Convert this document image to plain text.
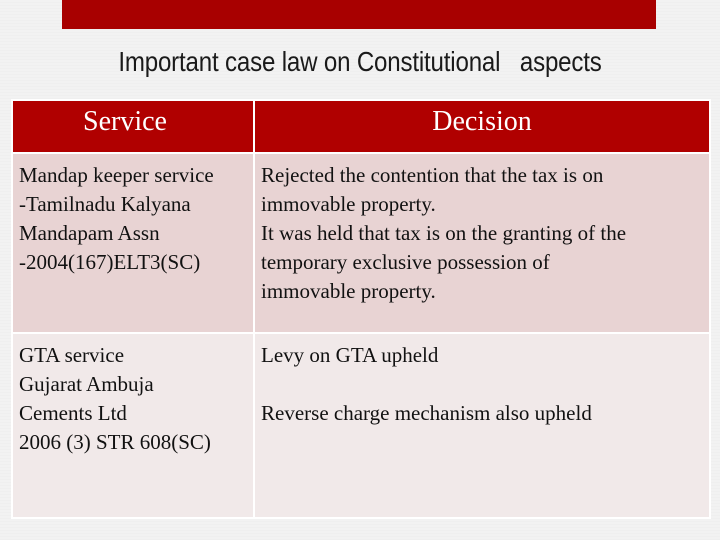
Important case law on Constitutional   aspects
Service	Decision

Mandap keeper service
-Tamilnadu Kalyana
Mandapam Assn
-2004(167)ELT3(SC)	Rejected the contention that the tax is on
immovable property.
It was held that tax is on the granting of the
temporary exclusive possession of
immovable property.

GTA service
Gujarat Ambuja
Cements Ltd
2006 (3) STR 608(SC)	Levy on GTA upheld
Reverse charge mechanism also upheld
